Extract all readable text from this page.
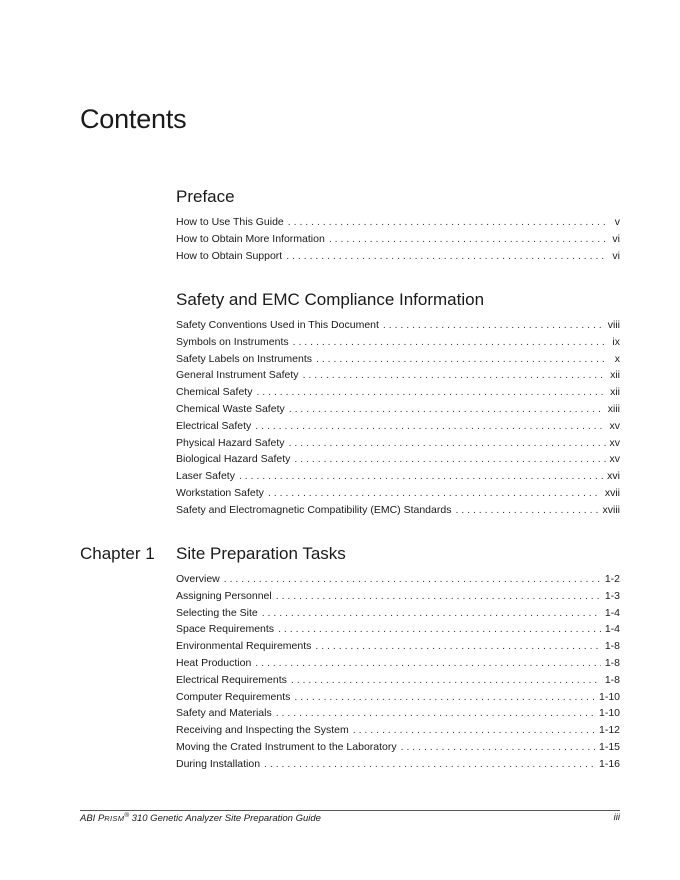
Contents
Preface
How to Use This Guide . . .	v
How to Obtain More Information . . .	vi
How to Obtain Support . . .	vi
Safety and EMC Compliance Information
Safety Conventions Used in This Document . . .	viii
Symbols on Instruments . . .	ix
Safety Labels on Instruments . . .	x
General Instrument Safety . . .	xii
Chemical Safety . . .	xii
Chemical Waste Safety . . .	xiii
Electrical Safety . . .	xv
Physical Hazard Safety . . .	xv
Biological Hazard Safety . . .	xv
Laser Safety . . .	xvi
Workstation Safety . . .	xvii
Safety and Electromagnetic Compatibility (EMC) Standards . . .	xviii
Chapter 1 Site Preparation Tasks
Overview . . .	1-2
Assigning Personnel . . .	1-3
Selecting the Site . . .	1-4
Space Requirements . . .	1-4
Environmental Requirements . . .	1-8
Heat Production . . .	1-8
Electrical Requirements . . .	1-8
Computer Requirements . . .	1-10
Safety and Materials . . .	1-10
Receiving and Inspecting the System . . .	1-12
Moving the Crated Instrument to the Laboratory . . .	1-15
During Installation . . .	1-16
ABI PRISM® 310 Genetic Analyzer Site Preparation Guide	iii
